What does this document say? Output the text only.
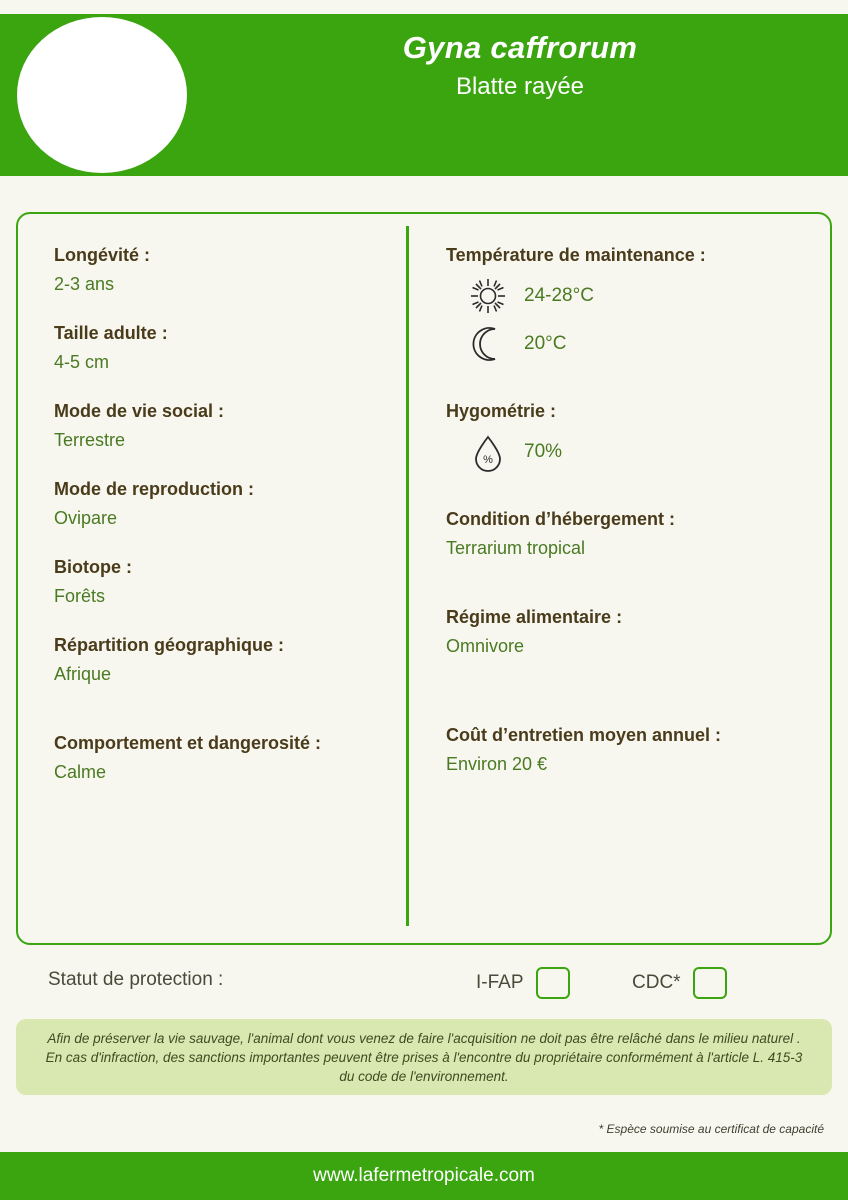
Gyna caffrorum
Blatte rayée
Longévité :
2-3 ans
Taille adulte :
4-5 cm
Mode de vie social :
Terrestre
Mode de reproduction :
Ovipare
Biotope :
Forêts
Répartition géographique :
Afrique
Comportement et dangerosité :
Calme
Température de maintenance :
24-28°C
20°C
Hygométrie :
% 70%
Condition d’hébergement :
Terrarium tropical
Régime alimentaire :
Omnivore
Coût d’entretien moyen annuel :
Environ 20 €
Statut de protection :	I-FAP	CDC*

Afin de préserver la vie sauvage, l'animal dont vous venez de faire l'acquisition ne doit pas être relâché dans le milieu naturel . En cas d'infraction, des sanctions importantes peuvent être prises à l'encontre du propriétaire conformément à l'article L. 415-3 du code de l'environnement.

* Espèce soumise au certificat de capacité
www.lafermetropicale.com
